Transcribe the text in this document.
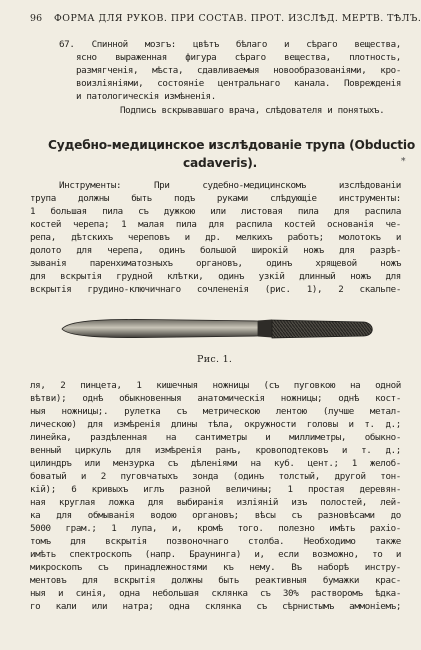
96 ФОРМА ДЛЯ РУКОВ. ПРИ СОСТАВ. ПРОТ. ИЗСЛѢД. МЕРТВ. ТѢЛЪ.
67. Спинной мозгъ: цвѣтъ бѣлаго и сѣраго вещества,
ясно выраженная фигура сѣраго вещества, плотность,
размягченія, мѣста, сдавливаемыя новообразованіями, кро-
воизліяніями, состояніе центральнаго канала. Поврежденія
и патологическія измѣненія.
Подпись вскрывавшаго врача, слѣдователя и понятыхъ.
Судебно-медицинское изслѣдованіе трупа (Obductio
cadaveris).	*
Инструменты: При судебно-медицинскомъ изслѣдованіи
трупа должны быть подъ руками слѣдующіе инструменты:
1 большая пила съ дужкою или листовая пила для распила
костей черепа; 1 малая пила для распила костей основанія че-
репа, дѣтскихъ череповъ и др. мелкихъ работъ; молотокъ и
долото для черепа, одинъ большой широкій ножъ для разрѣ-
зыванія паренхиматозныхъ органовъ, одинъ хрящевой ножъ
для вскрытія грудной клѣтки, одинъ узкій длинный ножъ для
вскрытія грудино-ключичнаго сочлененія (рис. 1), 2 скальпе-
Рис. 1.
ля, 2 пинцета, 1 кишечныя ножницы (съ пуговкою на одной
вѣтви); однѣ обыкновенныя анатомическія ножницы; однѣ кост-
ныя ножницы;. рулетка съ метрическою лентою (лучше метал-
лическою) для измѣренія длины тѣла, окружности головы и т. д.;
линейка, раздѣленная на сантиметры и миллиметры, обыкно-
венный циркуль для измѣренія ранъ, кровоподтековъ и т. д.;
цилиндръ или мензурка съ дѣленіями на куб. цент.; 1 желоб-
боватый и 2 пуговчатыхъ зонда (одинъ толстый, другой тон-
кій); 6 кривыхъ иглъ разной величины; 1 простая деревян-
ная круглая ложка для выбиранія изліяній изъ полостей, лей-
ка для обмыванія водою органовъ; вѣсы съ разновѣсами до
5000 грам.; 1 лупа, и, кромѣ того. полезно имѣть рахіо-
томъ для вскрытія позвоночнаго столба. Необходимо также
имѣть спектроскопъ (напр. Браунинга) и, если возможно, то и
микроскопъ съ принадлежностями къ нему. Въ наборѣ инстру-
ментовъ для вскрытія должны быть реактивныя бумажки крас-
ныя и синія, одна небольшая склянка съ 30% растворомъ ѣдка-
го кали или натра; одна склянка съ сѣрнистымъ аммоніемъ;
